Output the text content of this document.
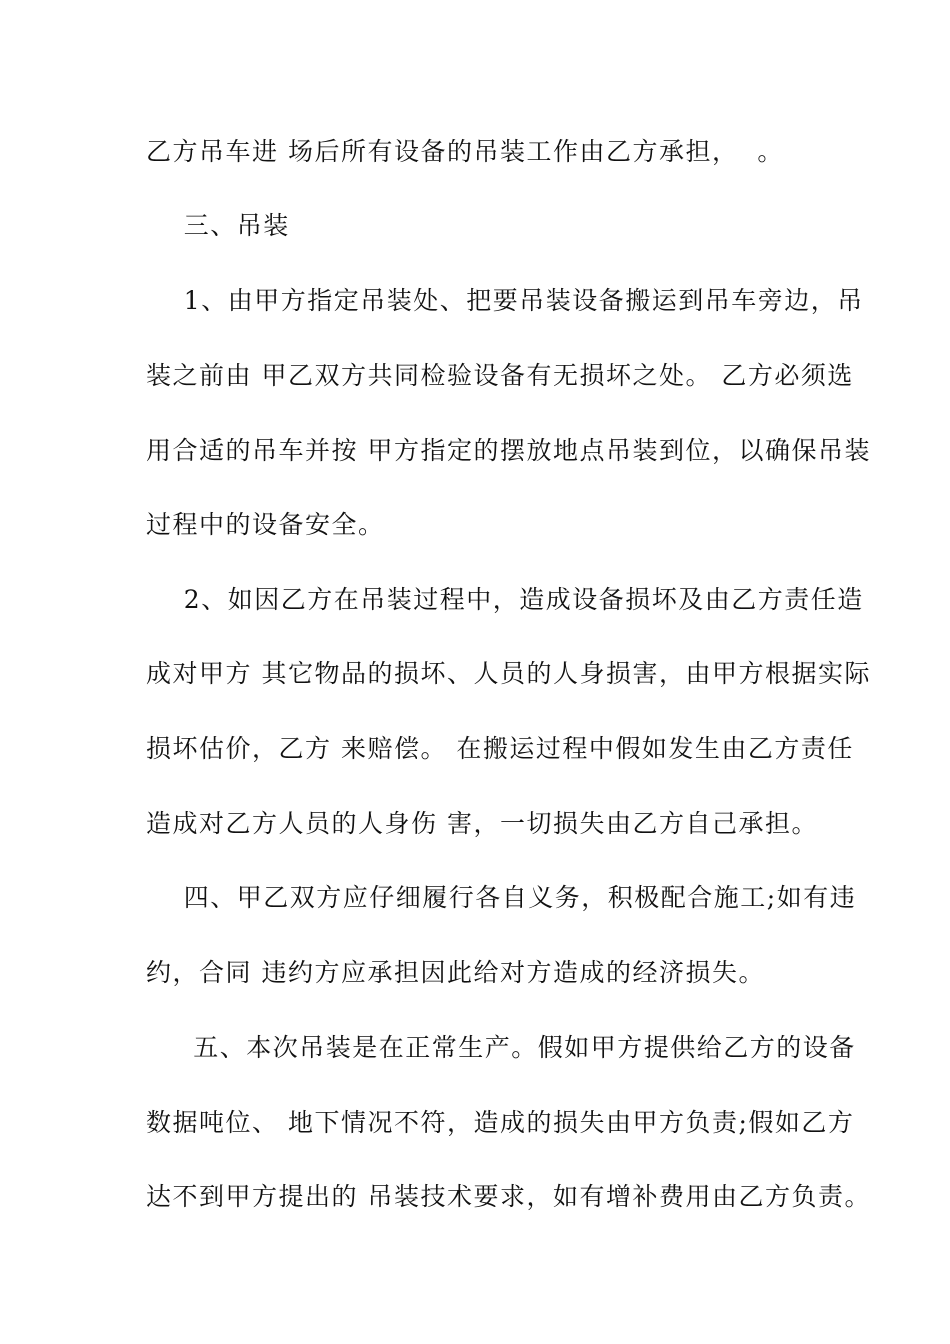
乙方吊车进 场后所有设备的吊装工作由乙方承担，  。
三、吊装
1、由甲方指定吊装处、把要吊装设备搬运到吊车旁边，吊
装之前由 甲乙双方共同检验设备有无损坏之处。 乙方必须选
用合适的吊车并按 甲方指定的摆放地点吊装到位，以确保吊装
过程中的设备安全。
2、如因乙方在吊装过程中，造成设备损坏及由乙方责任造
成对甲方 其它物品的损坏、人员的人身损害，由甲方根据实际
损坏估价，乙方 来赔偿。 在搬运过程中假如发生由乙方责任
造成对乙方人员的人身伤 害，一切损失由乙方自己承担。
四、甲乙双方应仔细履行各自义务，积极配合施工;如有违
约，合同 违约方应承担因此给对方造成的经济损失。
五、本次吊装是在正常生产。假如甲方提供给乙方的设备
数据吨位、 地下情况不符，造成的损失由甲方负责;假如乙方
达不到甲方提出的 吊装技术要求，如有增补费用由乙方负责。
